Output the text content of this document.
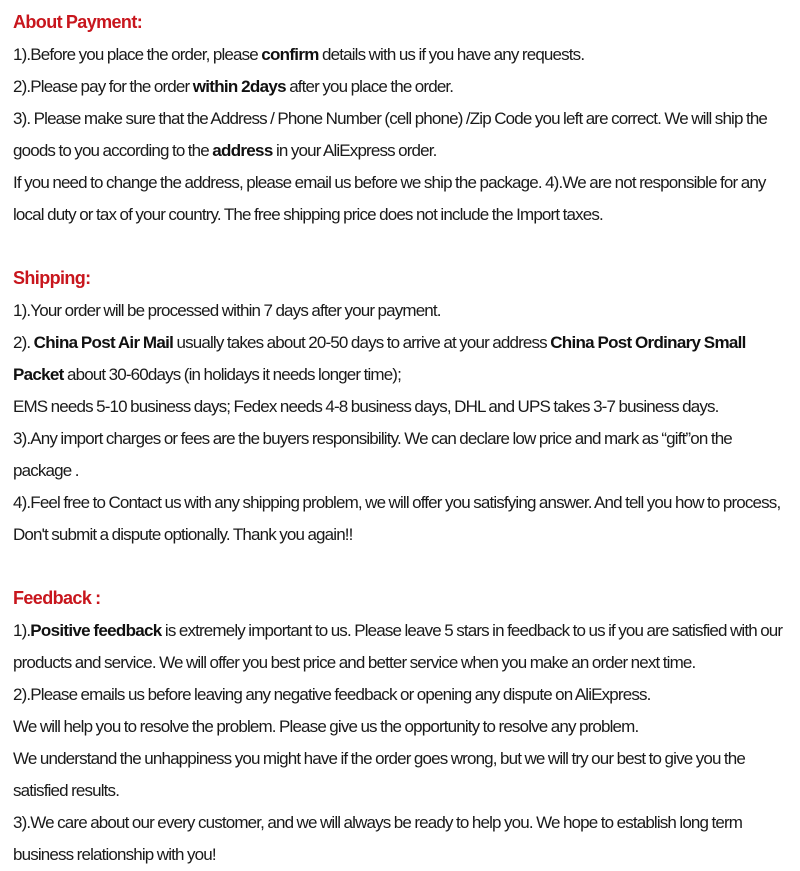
About Payment:
1).Before you place the order, please confirm details with us if you have any requests.
2).Please pay for the order within 2days after you place the order.
3). Please make sure that the Address / Phone Number (cell phone) /Zip Code you left are correct. We will ship the goods to you according to the address in your AliExpress order.
If you need to change the address, please email us before we ship the package. 4).We are not responsible for any local duty or tax of your country. The free shipping price does not include the Import taxes.
Shipping:
1).Your order will be processed within 7 days after your payment.
2). China Post Air Mail usually takes about 20-50 days to arrive at your address China Post Ordinary Small Packet about 30-60days (in holidays it needs longer time);
EMS needs 5-10 business days; Fedex needs 4-8 business days, DHL and UPS takes 3-7 business days.
3).Any import charges or fees are the buyers responsibility. We can declare low price and mark as “gift”on the package .
4).Feel free to Contact us with any shipping problem, we will offer you satisfying answer. And tell you how to process, Don't submit a dispute optionally. Thank you again!!
Feedback :
1).Positive feedback is extremely important to us. Please leave 5 stars in feedback to us if you are satisfied with our products and service. We will offer you best price and better service when you make an order next time.
2).Please emails us before leaving any negative feedback or opening any dispute on AliExpress.
We will help you to resolve the problem. Please give us the opportunity to resolve any problem.
We understand the unhappiness you might have if the order goes wrong, but we will try our best to give you the satisfied results.
3).We care about our every customer, and we will always be ready to help you. We hope to establish long term business relationship with you!
